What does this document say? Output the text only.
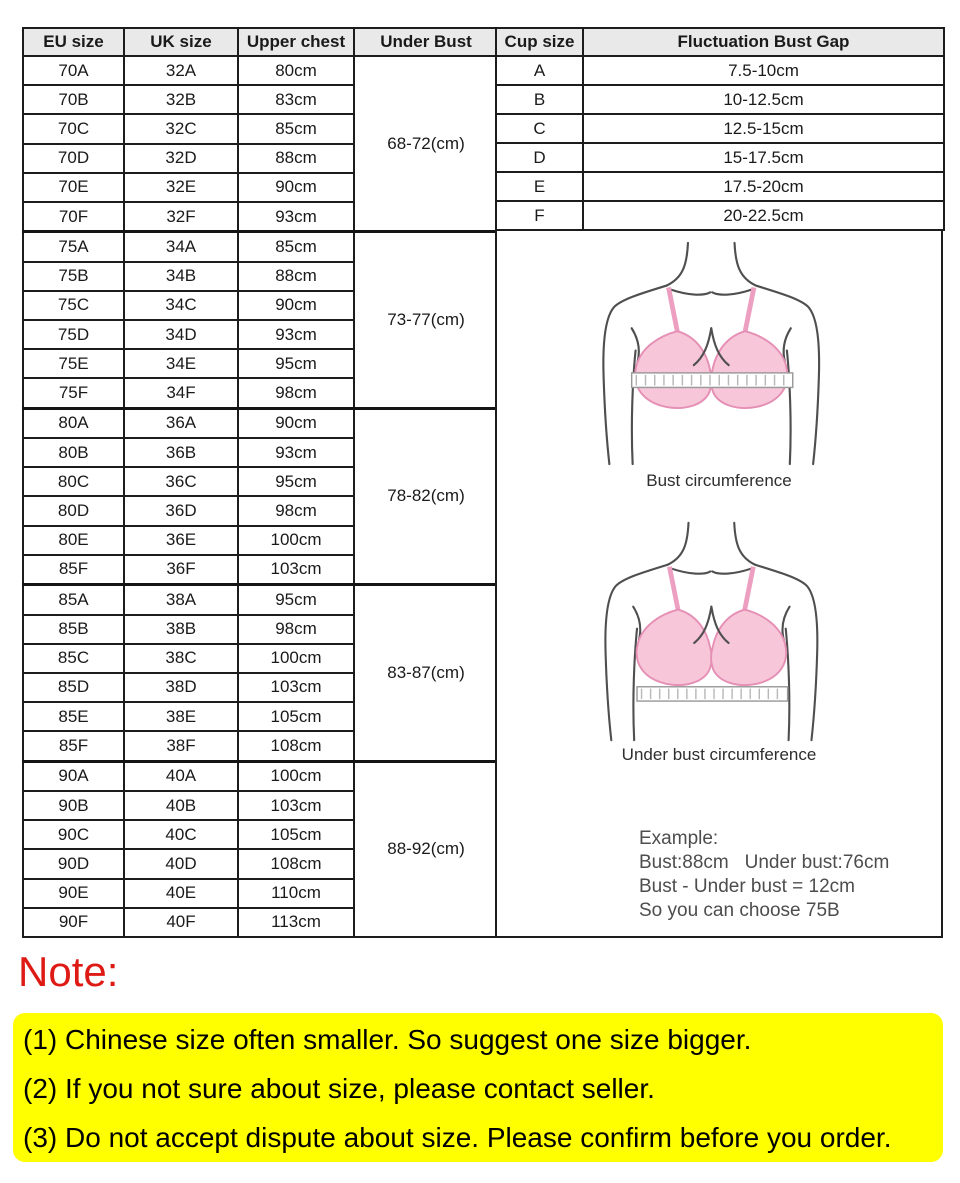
EU size	UK size	Upper chest	Under Bust
70A	32A	80cm	68-72(cm)
70B	32B	83cm	
70C	32C	85cm	
70D	32D	88cm	
70E	32E	90cm	
70F	32F	93cm	
75A	34A	85cm	73-77(cm)
75B	34B	88cm	
75C	34C	90cm	
75D	34D	93cm	
75E	34E	95cm	
75F	34F	98cm	
80A	36A	90cm	78-82(cm)
80B	36B	93cm	
80C	36C	95cm	
80D	36D	98cm	
80E	36E	100cm	
85F	36F	103cm	
85A	38A	95cm	83-87(cm)
85B	38B	98cm	
85C	38C	100cm	
85D	38D	103cm	
85E	38E	105cm	
85F	38F	108cm	
90A	40A	100cm	88-92(cm)
90B	40B	103cm	
90C	40C	105cm	
90D	40D	108cm	
90E	40E	110cm	
90F	40F	113cm	
Cup size	Fluctuation Bust Gap
A	7.5-10cm
B	10-12.5cm
C	12.5-15cm
D	15-17.5cm
E	17.5-20cm
F	20-22.5cm
Bust circumference
Under bust circumference
Example:
Bust:88cm   Under bust:76cm
Bust - Under bust = 12cm
So you can choose 75B
Note:
(1) Chinese size often smaller. So suggest one size bigger.
(2) If you not sure about size, please contact seller.
(3) Do not accept dispute about size. Please confirm before you order.
